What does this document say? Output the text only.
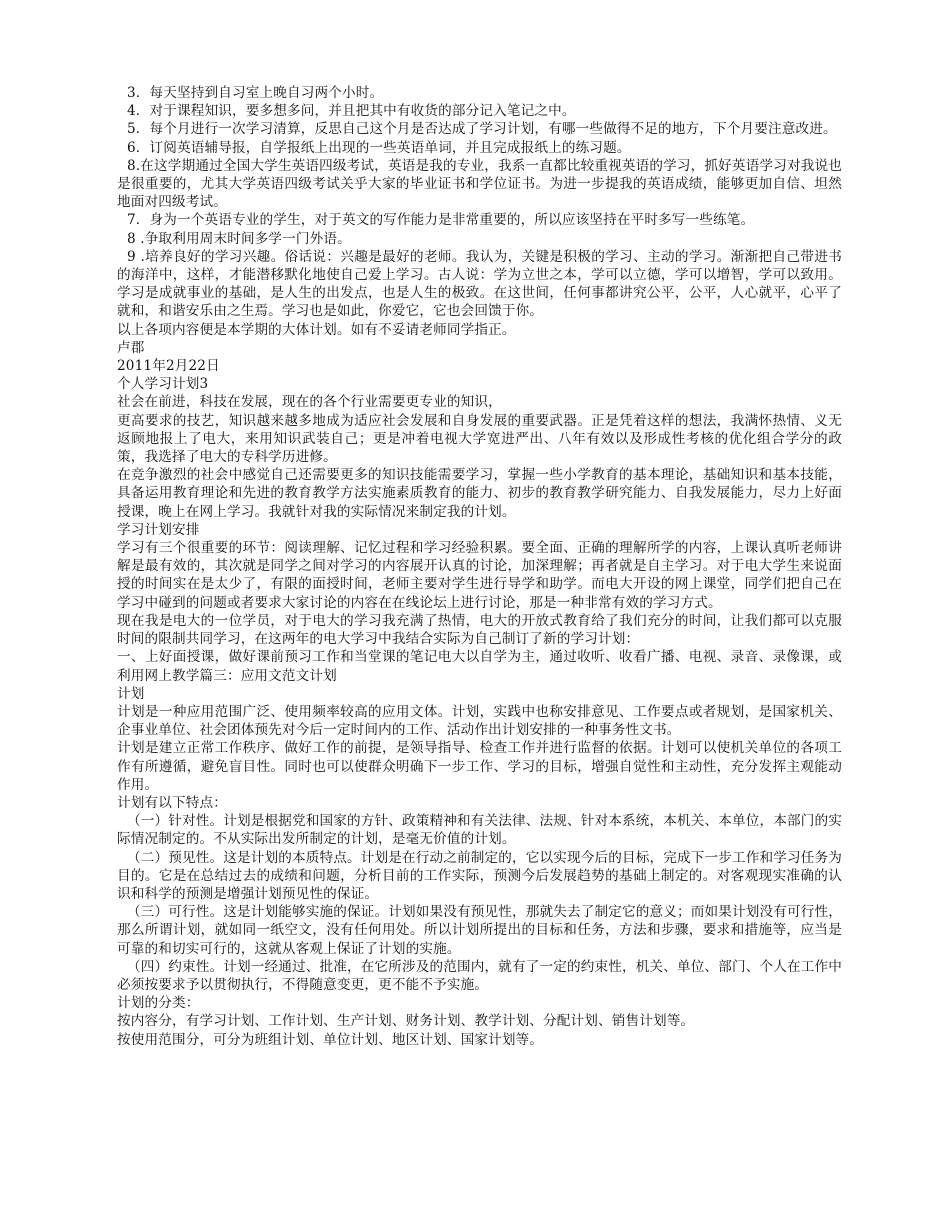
3．每天坚持到自习室上晚自习两个小时。

4．对于课程知识，要多想多问，并且把其中有收货的部分记入笔记之中。

5．每个月进行一次学习清算，反思自己这个月是否达成了学习计划，有哪一些做得不足的地方，下个月要注意改进。

6．订阅英语辅导报，自学报纸上出现的一些英语单词，并且完成报纸上的练习题。

8.在这学期通过全国大学生英语四级考试，英语是我的专业，我系一直都比较重视英语的学习，抓好英语学习对我说也是很重要的，尤其大学英语四级考试关乎大家的毕业证书和学位证书。为进一步提我的英语成绩，能够更加自信、坦然地面对四级考试。

7．身为一个英语专业的学生，对于英文的写作能力是非常重要的，所以应该坚持在平时多写一些练笔。

8 .争取利用周末时间多学一门外语。

9 .培养良好的学习兴趣。俗话说：兴趣是最好的老师。我认为，关键是积极的学习、主动的学习。渐渐把自己带进书的海洋中，这样，才能潜移默化地使自己爱上学习。古人说：学为立世之本，学可以立德，学可以增智，学可以致用。学习是成就事业的基础，是人生的出发点，也是人生的极致。在这世间，任何事都讲究公平，公平，人心就平，心平了就和，和谐安乐由之生焉。学习也是如此，你爱它，它也会回馈于你。

以上各项内容便是本学期的大体计划。如有不妥请老师同学指正。

卢郡

2011年2月22日

个人学习计划3

社会在前进，科技在发展，现在的各个行业需要更专业的知识，

更高要求的技艺，知识越来越多地成为适应社会发展和自身发展的重要武器。正是凭着这样的想法，我满怀热情、义无返顾地报上了电大，来用知识武装自己；更是冲着电视大学宽进严出、八年有效以及形成性考核的优化组合学分的政策，我选择了电大的专科学历进修。

在竞争激烈的社会中感觉自己还需要更多的知识技能需要学习，掌握一些小学教育的基本理论，基础知识和基本技能，具备运用教育理论和先进的教育教学方法实施素质教育的能力、初步的教育教学研究能力、自我发展能力，尽力上好面授课，晚上在网上学习。我就针对我的实际情况来制定我的计划。

学习计划安排

学习有三个很重要的环节：阅读理解、记忆过程和学习经验积累。要全面、正确的理解所学的内容，上课认真听老师讲解是最有效的，其次就是同学之间对学习的内容展开认真的讨论，加深理解；再者就是自主学习。对于电大学生来说面授的时间实在是太少了，有限的面授时间，老师主要对学生进行导学和助学。而电大开设的网上课堂，同学们把自己在学习中碰到的问题或者要求大家讨论的内容在在线论坛上进行讨论，那是一种非常有效的学习方式。

现在我是电大的一位学员，对于电大的学习我充满了热情，电大的开放式教育给了我们充分的时间，让我们都可以克服时间的限制共同学习，在这两年的电大学习中我结合实际为自己制订了新的学习计划：

一、上好面授课，做好课前预习工作和当堂课的笔记电大以自学为主，通过收听、收看广播、电视、录音、录像课，或利用网上教学篇三：应用文范文计划

计划

计划是一种应用范围广泛、使用频率较高的应用文体。计划，实践中也称安排意见、工作要点或者规划，是国家机关、企事业单位、社会团体预先对今后一定时间内的工作、活动作出计划安排的一种事务性文书。

计划是建立正常工作秩序、做好工作的前提，是领导指导、检查工作并进行监督的依据。计划可以使机关单位的各项工作有所遵循，避免盲目性。同时也可以使群众明确下一步工作、学习的目标，增强自觉性和主动性，充分发挥主观能动作用。

计划有以下特点：

（一）针对性。计划是根据党和国家的方针、政策精神和有关法律、法规、针对本系统，本机关、本单位，本部门的实际情况制定的。不从实际出发所制定的计划，是毫无价值的计划。

（二）预见性。这是计划的本质特点。计划是在行动之前制定的，它以实现今后的目标，完成下一步工作和学习任务为目的。它是在总结过去的成绩和问题，分析目前的工作实际，预测今后发展趋势的基础上制定的。对客观现实准确的认识和科学的预测是增强计划预见性的保证。

（三）可行性。这是计划能够实施的保证。计划如果没有预见性，那就失去了制定它的意义；而如果计划没有可行性，那么所谓计划，就如同一纸空文，没有任何用处。所以计划所提出的目标和任务，方法和步骤，要求和措施等，应当是可靠的和切实可行的，这就从客观上保证了计划的实施。

（四）约束性。计划一经通过、批准，在它所涉及的范围内，就有了一定的约束性，机关、单位、部门、个人在工作中必须按要求予以贯彻执行，不得随意变更，更不能不予实施。

计划的分类：

按内容分，有学习计划、工作计划、生产计划、财务计划、教学计划、分配计划、销售计划等。

按使用范围分，可分为班组计划、单位计划、地区计划、国家计划等。
